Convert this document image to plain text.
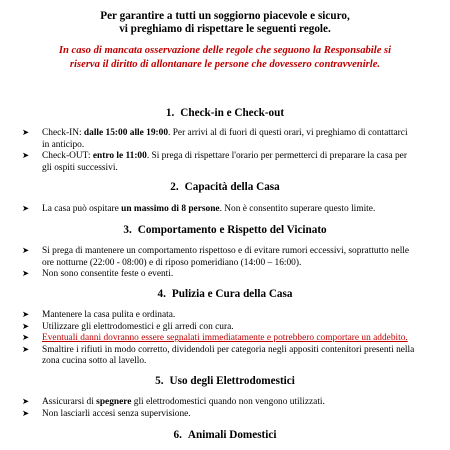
Per garantire a tutti un soggiorno piacevole e sicuro,
vi preghiamo di rispettare le seguenti regole.
In caso di mancata osservazione delle regole che seguono la Responsabile si riserva il diritto di allontanare le persone che dovessero contravvenirle.
1. Check-in e Check-out
➤ Check-IN: dalle 15:00 alle 19:00. Per arrivi al di fuori di questi orari, vi preghiamo di contattarci in anticipo.
➤ Check-OUT: entro le 11:00. Si prega di rispettare l'orario per permetterci di preparare la casa per gli ospiti successivi.
2. Capacità della Casa
➤ La casa può ospitare un massimo di 8 persone. Non è consentito superare questo limite.
3. Comportamento e Rispetto del Vicinato
➤ Si prega di mantenere un comportamento rispettoso e di evitare rumori eccessivi, soprattutto nelle ore notturne (22:00 - 08:00) e di riposo pomeridiano (14:00 – 16:00).
➤ Non sono consentite feste o eventi.
4. Pulizia e Cura della Casa
➤ Mantenere la casa pulita e ordinata.
➤ Utilizzare gli elettrodomestici e gli arredi con cura.
➤ Eventuali danni dovranno essere segnalati immediatamente e potrebbero comportare un addebito.
➤ Smaltire i rifiuti in modo corretto, dividendoli per categoria negli appositi contenitori presenti nella zona cucina sotto al lavello.
5. Uso degli Elettrodomestici
➤ Assicurarsi di spegnere gli elettrodomestici quando non vengono utilizzati.
➤ Non lasciarli accesi senza supervisione.
6. Animali Domestici
